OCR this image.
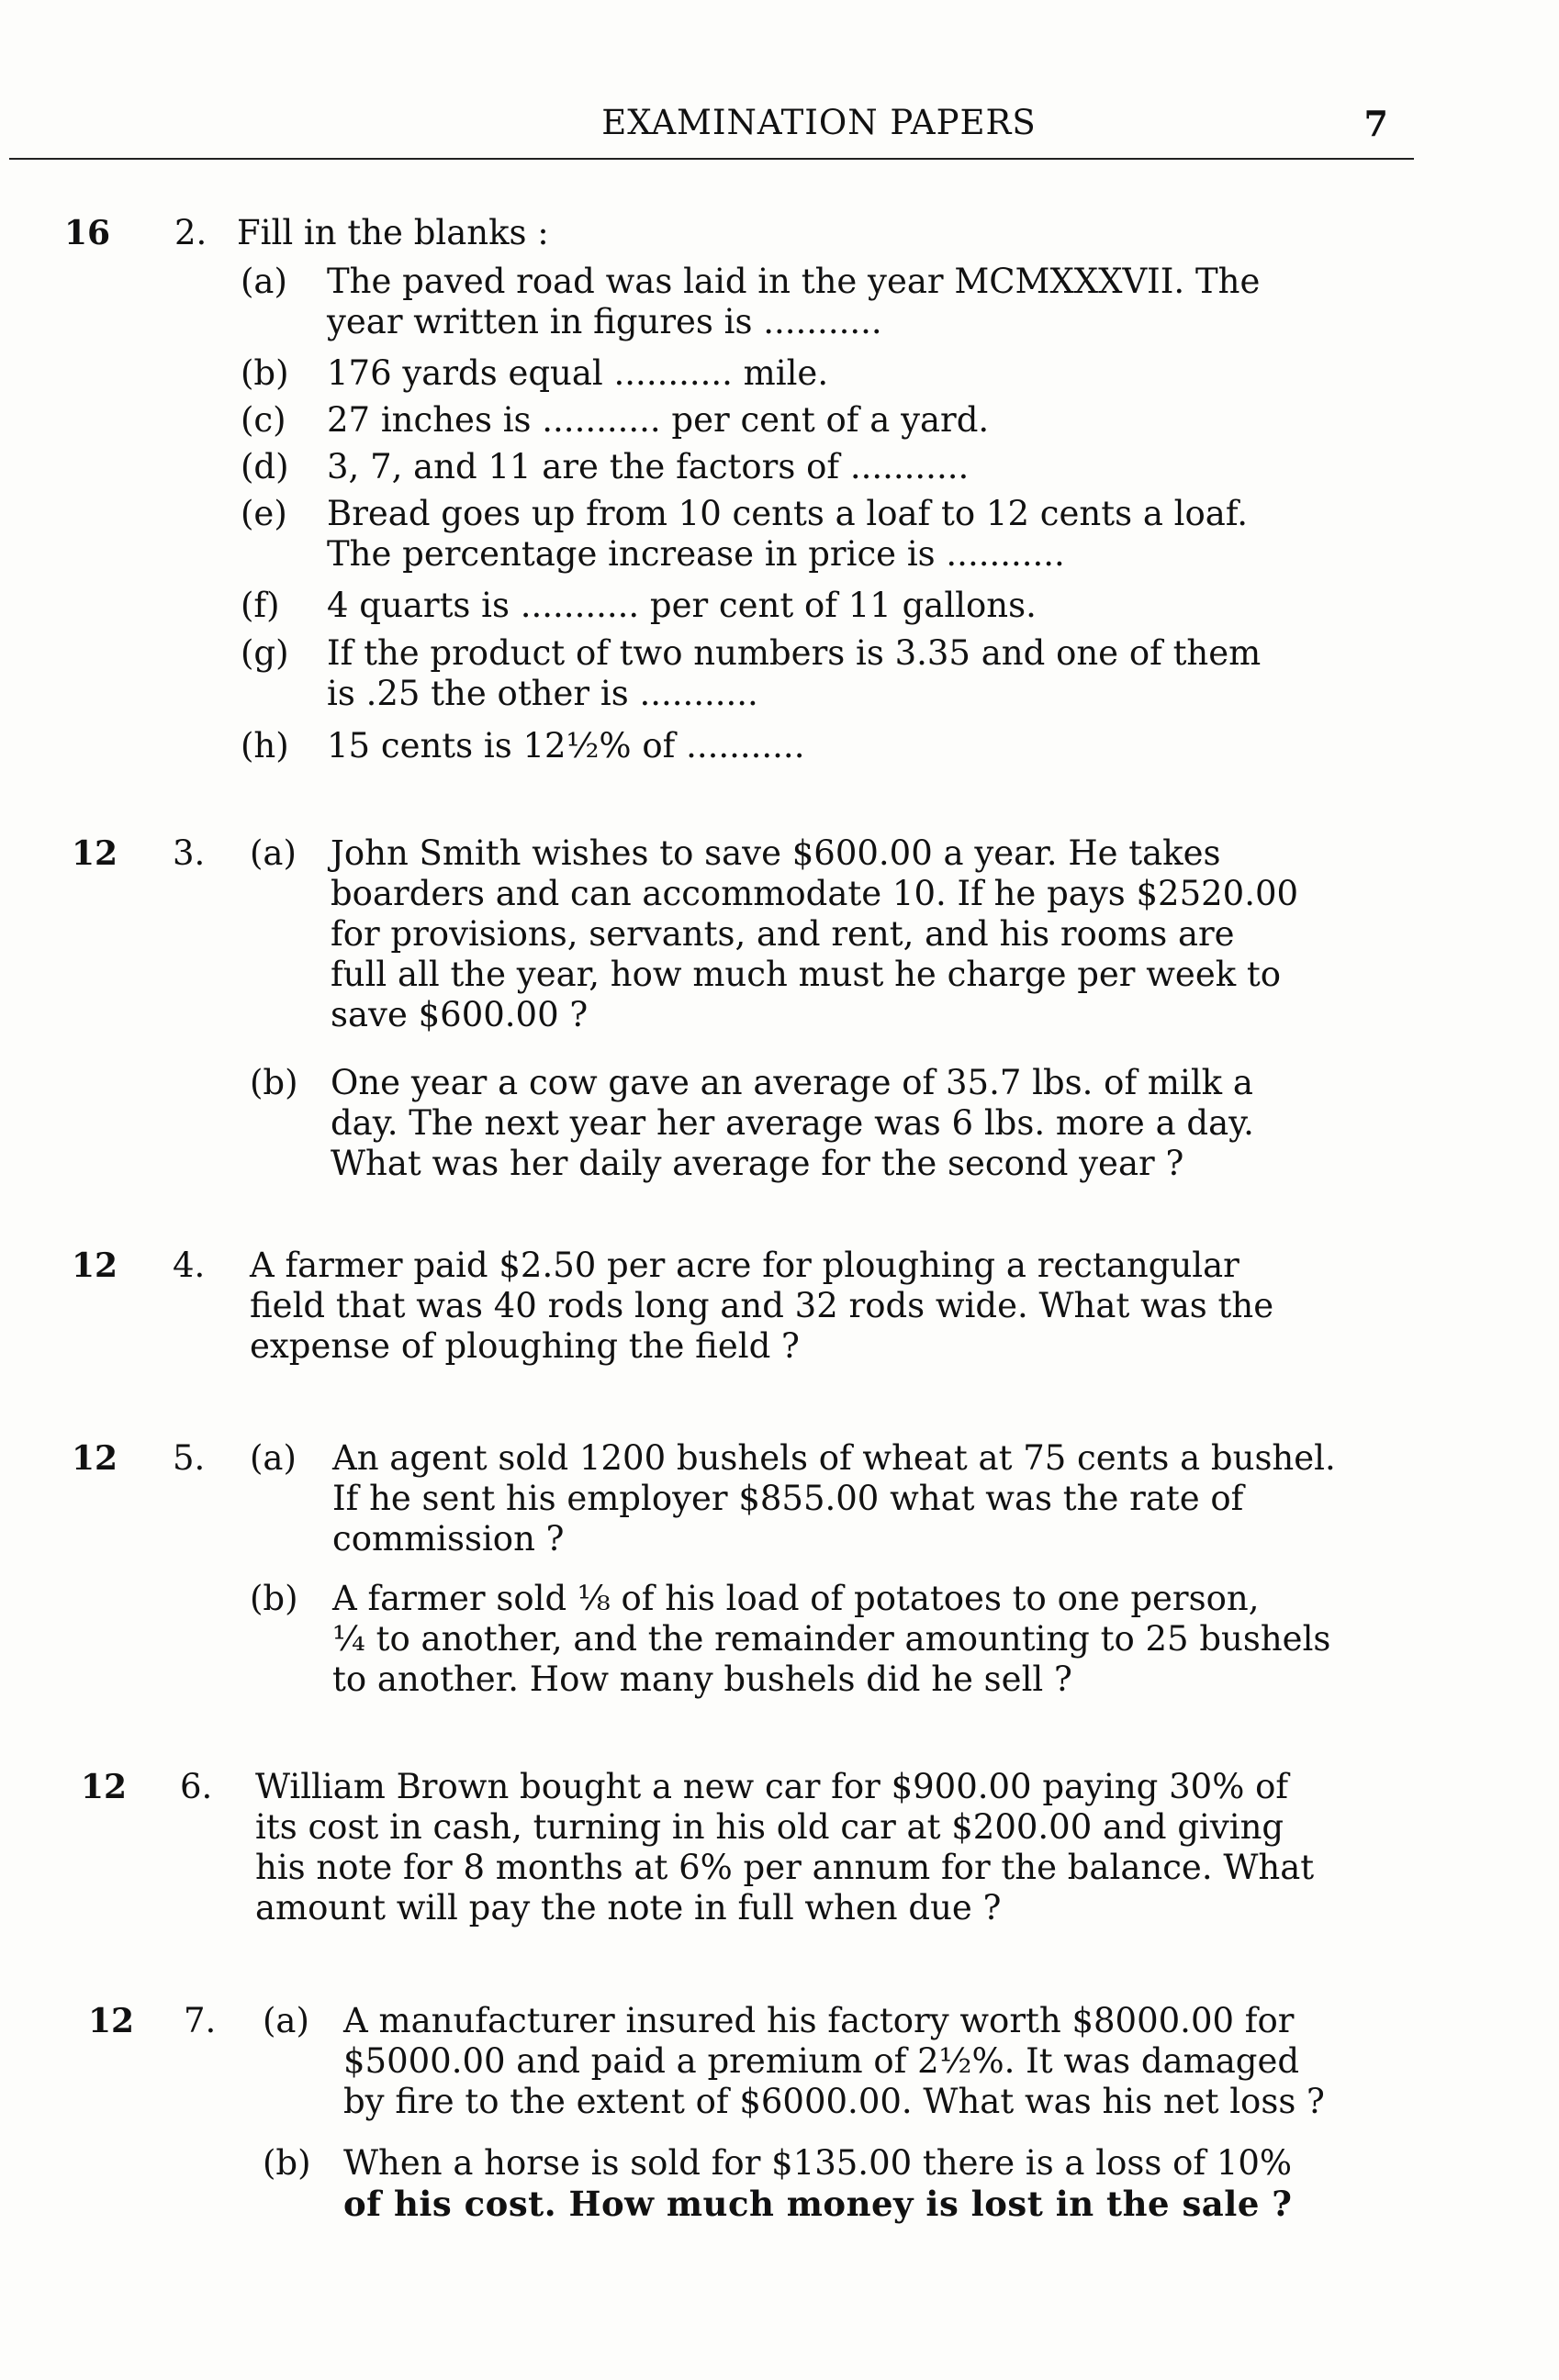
EXAMINATION PAPERS	7
16 2. Fill in the blanks :
(a)	The paved road was laid in the year MCMXXXVII. The
year written in figures is ...........
(b)	176 yards equal ........... mile.
(c)	27 inches is ........... per cent of a yard.
(d)	3, 7, and 11 are the factors of ...........
(e)	Bread goes up from 10 cents a loaf to 12 cents a loaf.
The percentage increase in price is ...........
(f)	4 quarts is ........... per cent of 11 gallons.
(g)	If the product of two numbers is 3.35 and one of them
is .25 the other is ...........
(h)	15 cents is 12½% of ...........
12 3.	(a)	John Smith wishes to save $600.00 a year. He takes
boarders and can accommodate 10. If he pays $2520.00
for provisions, servants, and rent, and his rooms are
full all the year, how much must he charge per week to
save $600.00 ?
(b) One year a cow gave an average of 35.7 lbs. of milk a
day. The next year her average was 6 lbs. more a day.
What was her daily average for the second year ?
12 4.	A farmer paid $2.50 per acre for ploughing a rectangular
field that was 40 rods long and 32 rods wide. What was the
expense of ploughing the field ?
12 5.	(a)	An agent sold 1200 bushels of wheat at 75 cents a bushel.
If he sent his employer $855.00 what was the rate of
commission ?
(b)	A farmer sold ⅛ of his load of potatoes to one person,
¼ to another, and the remainder amounting to 25 bushels
to another. How many bushels did he sell ?
12 6.	William Brown bought a new car for $900.00 paying 30% of
its cost in cash, turning in his old car at $200.00 and giving
his note for 8 months at 6% per annum for the balance. What
amount will pay the note in full when due ?
12 7.	(a)	A manufacturer insured his factory worth $8000.00 for
$5000.00 and paid a premium of 2½%. It was damaged
by fire to the extent of $6000.00. What was his net loss ?
(b) When a horse is sold for $135.00 there is a loss of 10%
of his cost. How much money is lost in the sale ?
